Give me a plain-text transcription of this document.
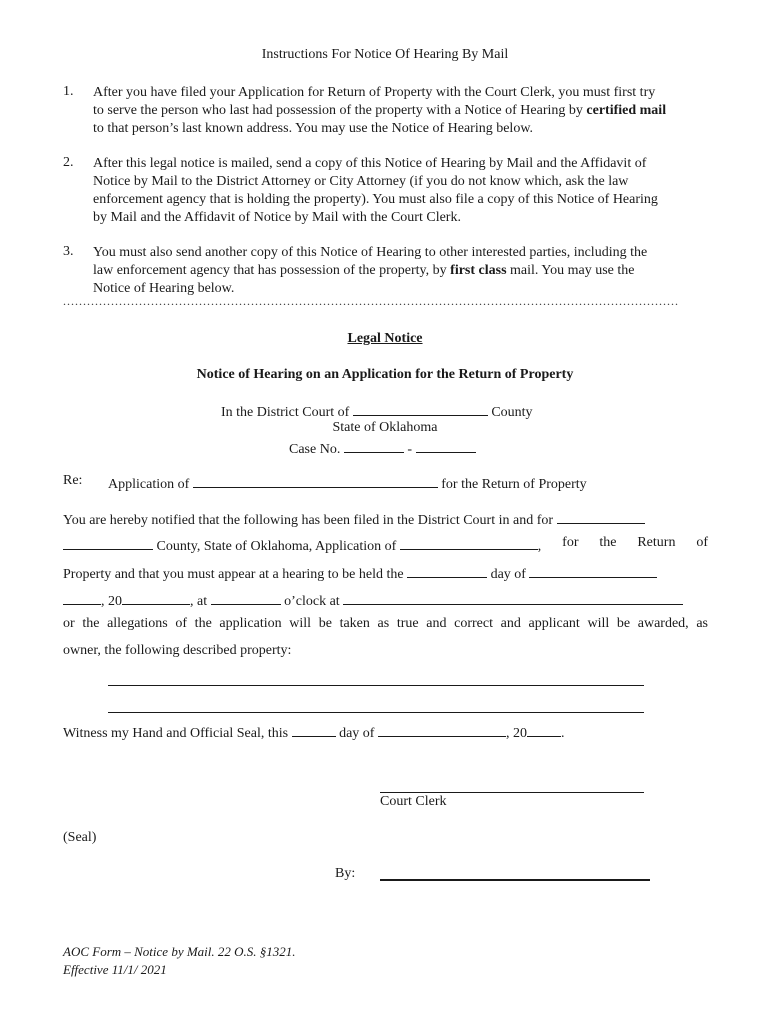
Instructions For Notice Of Hearing By Mail
1. After you have filed your Application for Return of Property with the Court Clerk, you must first try

to serve the person who last had possession of the property with a Notice of Hearing by certified mail

to that person’s last known address. You may use the Notice of Hearing below.

2. After this legal notice is mailed, send a copy of this Notice of Hearing by Mail and the Affidavit of

Notice by Mail to the District Attorney or City Attorney (if you do not know which, ask the law

enforcement agency that is holding the property). You must also file a copy of this Notice of Hearing

by Mail and the Affidavit of Notice by Mail with the Court Clerk.

3. You must also send another copy of this Notice of Hearing to other interested parties, including the

law enforcement agency that has possession of the property, by first class mail. You may use the

Notice of Hearing below.

..........................................................................................................................................................
Legal Notice
Notice of Hearing on an Application for the Return of Property
In the District Court of	County
State of Oklahoma
Case No.	-
Re: Application of	for the Return of Property
You are hereby notified that the following has been filed in the District Court in and for
County, State of Oklahoma, Application of	, for the Return of
Property and that you must appear at a hearing to be held the	day of
, 20	, at	o’clock at
or the allegations of the application will be taken as true and correct and applicant will be awarded, as
owner, the following described property:
Witness my Hand and Official Seal, this	day of	, 20 .
Court Clerk
(Seal)
By:
AOC Form – Notice by Mail. 22 O.S. §1321.
Effective 11/1/ 2021
